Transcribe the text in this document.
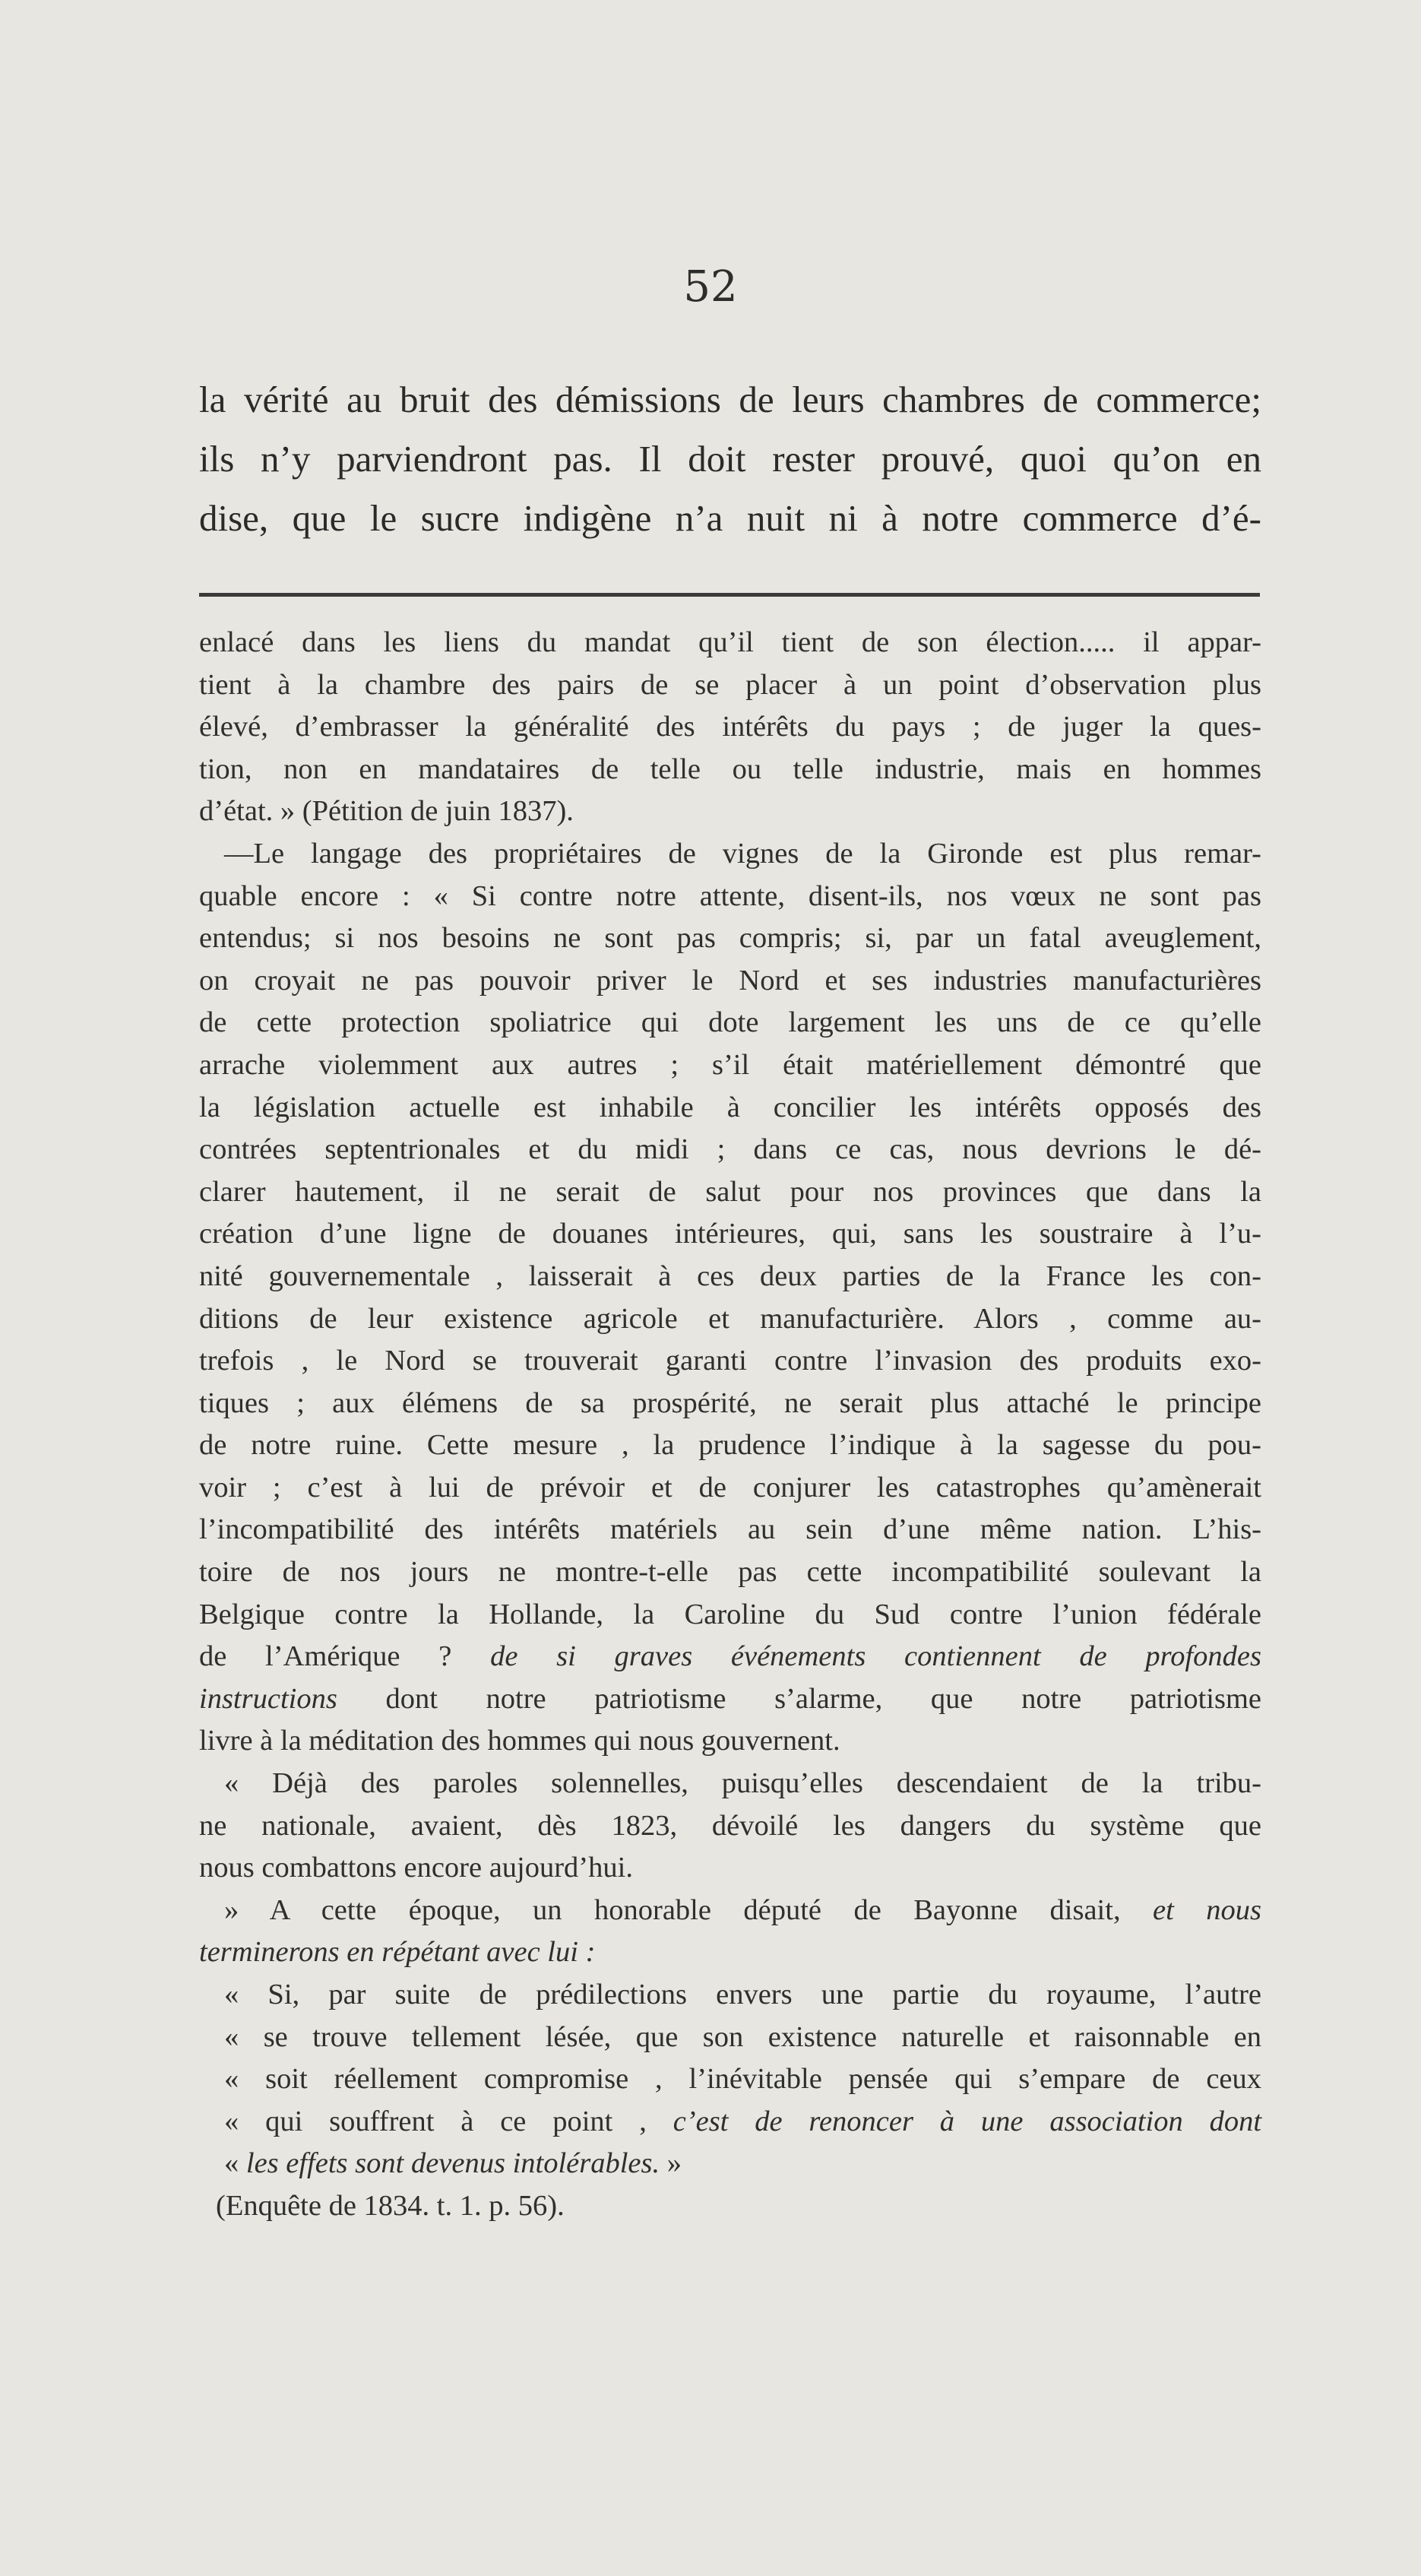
52
la vérité au bruit des démissions de leurs chambres de commerce;
ils n’y parviendront pas. Il doit rester prouvé, quoi qu’on en
dise, que le sucre indigène n’a nuit ni à notre commerce d’é-
enlacé dans les liens du mandat qu’il tient de son élection..... il appar-
tient à la chambre des pairs de se placer à un point d’observation plus
élevé, d’embrasser la généralité des intérêts du pays ; de juger la ques-
tion, non en mandataires de telle ou telle industrie, mais en hommes
d’état. » (Pétition de juin 1837).
—Le langage des propriétaires de vignes de la Gironde est plus remar-
quable encore : « Si contre notre attente, disent-ils, nos vœux ne sont pas
entendus; si nos besoins ne sont pas compris; si, par un fatal aveuglement,
on croyait ne pas pouvoir priver le Nord et ses industries manufacturières
de cette protection spoliatrice qui dote largement les uns de ce qu’elle
arrache violemment aux autres ; s’il était matériellement démontré que
la législation actuelle est inhabile à concilier les intérêts opposés des
contrées septentrionales et du midi ; dans ce cas, nous devrions le dé-
clarer hautement, il ne serait de salut pour nos provinces que dans la
création d’une ligne de douanes intérieures, qui, sans les soustraire à l’u-
nité gouvernementale , laisserait à ces deux parties de la France les con-
ditions de leur existence agricole et manufacturière. Alors , comme au-
trefois , le Nord se trouverait garanti contre l’invasion des produits exo-
tiques ; aux élémens de sa prospérité, ne serait plus attaché le principe
de notre ruine. Cette mesure , la prudence l’indique à la sagesse du pou-
voir ; c’est à lui de prévoir et de conjurer les catastrophes qu’amènerait
l’incompatibilité des intérêts matériels au sein d’une même nation. L’his-
toire de nos jours ne montre-t-elle pas cette incompatibilité soulevant la
Belgique contre la Hollande, la Caroline du Sud contre l’union fédérale
de l’Amérique ? de si graves événements contiennent de profondes
instructions dont notre patriotisme s’alarme, que notre patriotisme
livre à la méditation des hommes qui nous gouvernent.
« Déjà des paroles solennelles, puisqu’elles descendaient de la tribu-
ne nationale, avaient, dès 1823, dévoilé les dangers du système que
nous combattons encore aujourd’hui.
» A cette époque, un honorable député de Bayonne disait, et nous
terminerons en répétant avec lui :
« Si, par suite de prédilections envers une partie du royaume, l’autre
« se trouve tellement lésée, que son existence naturelle et raisonnable en
« soit réellement compromise , l’inévitable pensée qui s’empare de ceux
« qui souffrent à ce point , c’est de renoncer à une association dont
« les effets sont devenus intolérables. »
(Enquête de 1834. t. 1. p. 56).
